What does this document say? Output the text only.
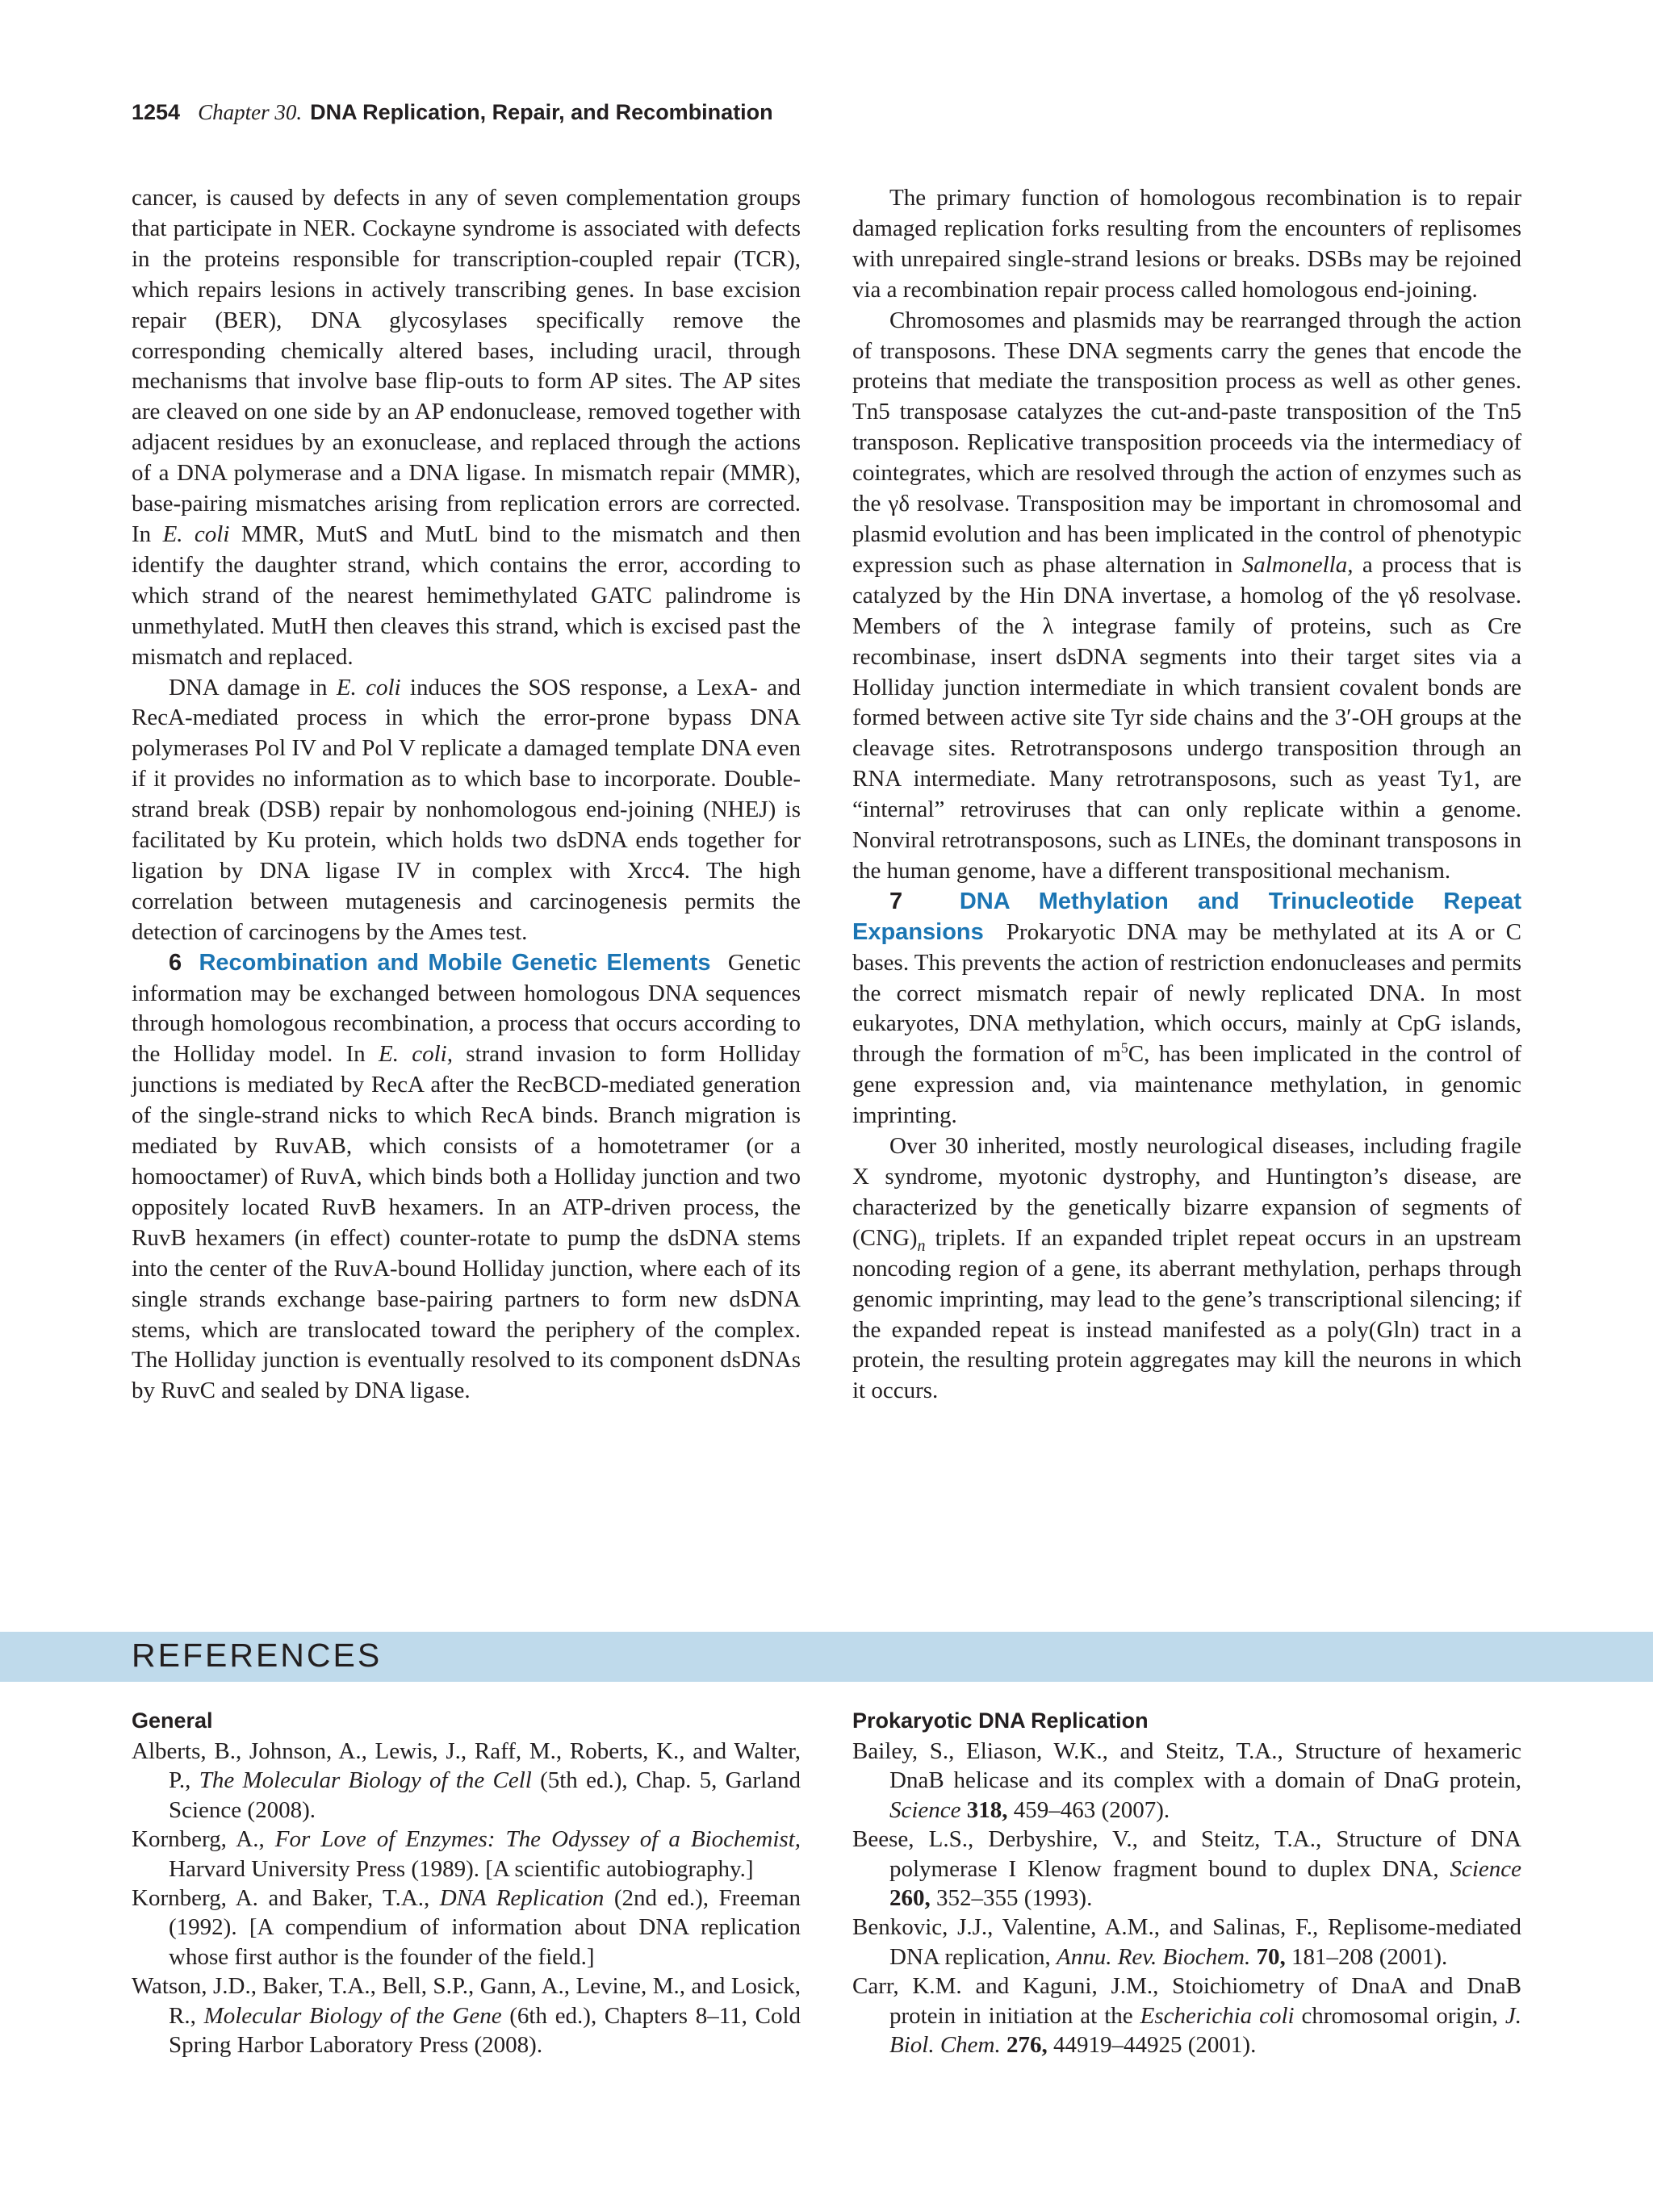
1254 Chapter 30. DNA Replication, Repair, and Recombination

cancer, is caused by defects in any of seven complementation groups that participate in NER. Cockayne syndrome is associated with defects in the proteins responsible for transcription-coupled repair (TCR), which repairs lesions in actively transcribing genes. In base excision repair (BER), DNA glycosylases specifically remove the corresponding chemically altered bases, including uracil, through mechanisms that involve base flip-outs to form AP sites. The AP sites are cleaved on one side by an AP endonuclease, removed together with adjacent residues by an exonuclease, and replaced through the actions of a DNA polymerase and a DNA ligase. In mismatch repair (MMR), base-pairing mismatches arising from replication errors are corrected. In E. coli MMR, MutS and MutL bind to the mismatch and then identify the daughter strand, which contains the error, according to which strand of the nearest hemimethylated GATC palindrome is unmethylated. MutH then cleaves this strand, which is excised past the mismatch and replaced.

DNA damage in E. coli induces the SOS response, a LexA- and RecA-mediated process in which the error-prone bypass DNA polymerases Pol IV and Pol V replicate a damaged template DNA even if it provides no information as to which base to incorporate. Double-strand break (DSB) repair by nonhomologous end-joining (NHEJ) is facilitated by Ku protein, which holds two dsDNA ends together for ligation by DNA ligase IV in complex with Xrcc4. The high correlation between mutagenesis and carcinogenesis permits the detection of carcinogens by the Ames test.

6 Recombination and Mobile Genetic Elements Genetic information may be exchanged between homologous DNA sequences through homologous recombination, a process that occurs according to the Holliday model. In E. coli, strand invasion to form Holliday junctions is mediated by RecA after the RecBCD-mediated generation of the single-strand nicks to which RecA binds. Branch migration is mediated by RuvAB, which consists of a homotetramer (or a homooctamer) of RuvA, which binds both a Holliday junction and two oppositely located RuvB hexamers. In an ATP-driven process, the RuvB hexamers (in effect) counter-rotate to pump the dsDNA stems into the center of the RuvA-bound Holliday junction, where each of its single strands exchange base-pairing partners to form new dsDNA stems, which are translocated toward the periphery of the complex. The Holliday junction is eventually resolved to its component dsDNAs by RuvC and sealed by DNA ligase.

The primary function of homologous recombination is to repair damaged replication forks resulting from the encounters of replisomes with unrepaired single-strand lesions or breaks. DSBs may be rejoined via a recombination repair process called homologous end-joining.

Chromosomes and plasmids may be rearranged through the action of transposons. These DNA segments carry the genes that encode the proteins that mediate the transposition process as well as other genes. Tn5 transposase catalyzes the cut-and-paste transposition of the Tn5 transposon. Replicative transposition proceeds via the intermediacy of cointegrates, which are resolved through the action of enzymes such as the γδ resolvase. Transposition may be important in chromosomal and plasmid evolution and has been implicated in the control of phenotypic expression such as phase alternation in Salmonella, a process that is catalyzed by the Hin DNA invertase, a homolog of the γδ resolvase. Members of the λ integrase family of proteins, such as Cre recombinase, insert dsDNA segments into their target sites via a Holliday junction intermediate in which transient covalent bonds are formed between active site Tyr side chains and the 3′-OH groups at the cleavage sites. Retrotransposons undergo transposition through an RNA intermediate. Many retrotransposons, such as yeast Ty1, are “internal” retroviruses that can only replicate within a genome. Nonviral retrotransposons, such as LINEs, the dominant transposons in the human genome, have a different transpositional mechanism.

7 DNA Methylation and Trinucleotide Repeat Expansions Prokaryotic DNA may be methylated at its A or C bases. This prevents the action of restriction endonucleases and permits the correct mismatch repair of newly replicated DNA. In most eukaryotes, DNA methylation, which occurs, mainly at CpG islands, through the formation of $m^5C$, has been implicated in the control of gene expression and, via maintenance methylation, in genomic imprinting.

Over 30 inherited, mostly neurological diseases, including fragile X syndrome, myotonic dystrophy, and Huntington’s disease, are characterized by the genetically bizarre expansion of segments of $(CNG)_n$ triplets. If an expanded triplet repeat occurs in an upstream noncoding region of a gene, its aberrant methylation, perhaps through genomic imprinting, may lead to the gene’s transcriptional silencing; if the expanded repeat is instead manifested as a poly(Gln) tract in a protein, the resulting protein aggregates may kill the neurons in which it occurs.

REFERENCES
General

Alberts, B., Johnson, A., Lewis, J., Raff, M., Roberts, K., and Walter, P., The Molecular Biology of the Cell (5th ed.), Chap. 5, Garland Science (2008).

Kornberg, A., For Love of Enzymes: The Odyssey of a Biochemist, Harvard University Press (1989). [A scientific autobiography.]

Kornberg, A. and Baker, T.A., DNA Replication (2nd ed.), Freeman (1992). [A compendium of information about DNA replication whose first author is the founder of the field.]

Watson, J.D., Baker, T.A., Bell, S.P., Gann, A., Levine, M., and Losick, R., Molecular Biology of the Gene (6th ed.), Chapters 8–11, Cold Spring Harbor Laboratory Press (2008).

Prokaryotic DNA Replication

Bailey, S., Eliason, W.K., and Steitz, T.A., Structure of hexameric DnaB helicase and its complex with a domain of DnaG protein, Science 318, 459–463 (2007).

Beese, L.S., Derbyshire, V., and Steitz, T.A., Structure of DNA polymerase I Klenow fragment bound to duplex DNA, Science 260, 352–355 (1993).

Benkovic, J.J., Valentine, A.M., and Salinas, F., Replisome-mediated DNA replication, Annu. Rev. Biochem. 70, 181–208 (2001).

Carr, K.M. and Kaguni, J.M., Stoichiometry of DnaA and DnaB protein in initiation at the Escherichia coli chromosomal origin, J. Biol. Chem. 276, 44919–44925 (2001).
